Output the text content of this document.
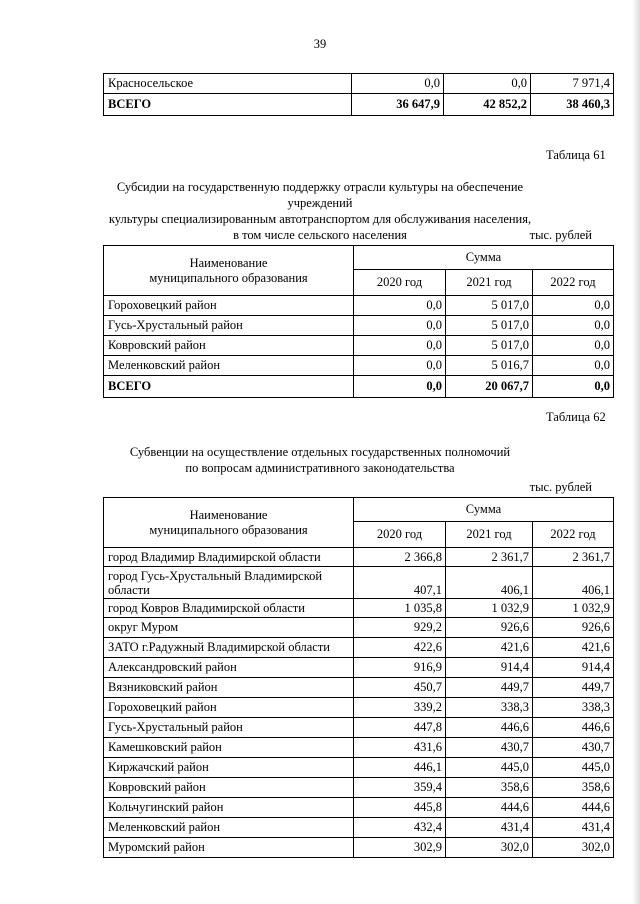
39
Красносельское	0,0	0,0	7 971,4
ВСЕГО	36 647,9	42 852,2	38 460,3
Таблица 61
Субсидии на государственную поддержку отрасли культуры на обеспечение учреждений
культуры специализированным автотранспортом для обслуживания населения,
в том числе сельского населения	тыс. рублей
Наименование
муниципального образования	Сумма		
	2020 год	2021 год	2022 год
Гороховецкий район	0,0	5 017,0	0,0
Гусь-Хрустальный район	0,0	5 017,0	0,0
Ковровский район	0,0	5 017,0	0,0
Меленковский район	0,0	5 016,7	0,0
ВСЕГО	0,0	20 067,7	0,0
Таблица 62
Субвенции на осуществление отдельных государственных полномочий
по вопросам административного законодательства
тыс. рублей
Наименование
муниципального образования	Сумма		
	2020 год	2021 год	2022 год
город Владимир Владимирской области	2 366,8	2 361,7	2 361,7
город Гусь-Хрустальный Владимирской области	407,1	406,1	406,1
город Ковров Владимирской области	1 035,8	1 032,9	1 032,9
округ Муром	929,2	926,6	926,6
ЗАТО г.Радужный Владимирской области	422,6	421,6	421,6
Александровский район	916,9	914,4	914,4
Вязниковский район	450,7	449,7	449,7
Гороховецкий район	339,2	338,3	338,3
Гусь-Хрустальный район	447,8	446,6	446,6
Камешковский район	431,6	430,7	430,7
Киржачский район	446,1	445,0	445,0
Ковровский район	359,4	358,6	358,6
Кольчугинский район	445,8	444,6	444,6
Меленковский район	432,4	431,4	431,4
Муромский район	302,9	302,0	302,0
